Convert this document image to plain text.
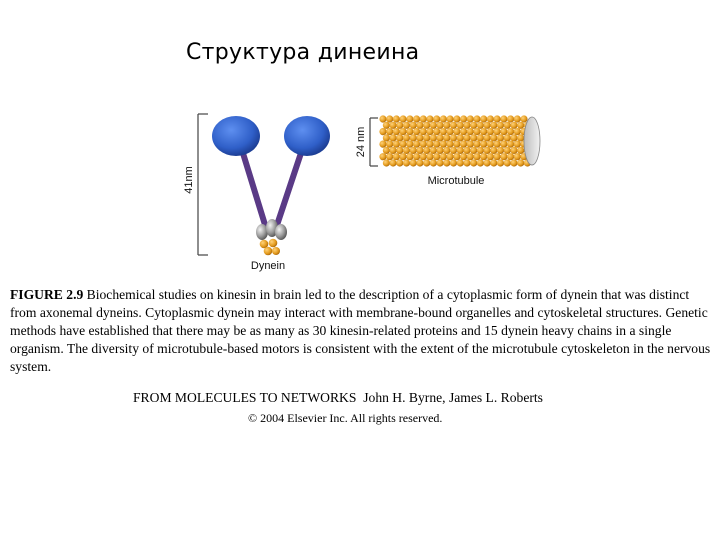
Структура динеина
41nm
Dynein
24 nm
Microtubule

FIGURE 2.9 Biochemical studies on kinesin in brain led to the description of a cytoplasmic form of dynein that was distinct from axonemal dyneins. Cytoplasmic dynein may interact with membrane-bound organelles and cytoskeletal structures. Genetic methods have established that there may be as many as 30 kinesin-related proteins and 15 dynein heavy chains in a single organism. The diversity of microtubule-based motors is consistent with the extent of the microtubule cytoskeleton in the nervous system.

FROM MOLECULES TO NETWORKS  John H. Byrne, James L. Roberts
© 2004 Elsevier Inc. All rights reserved.
